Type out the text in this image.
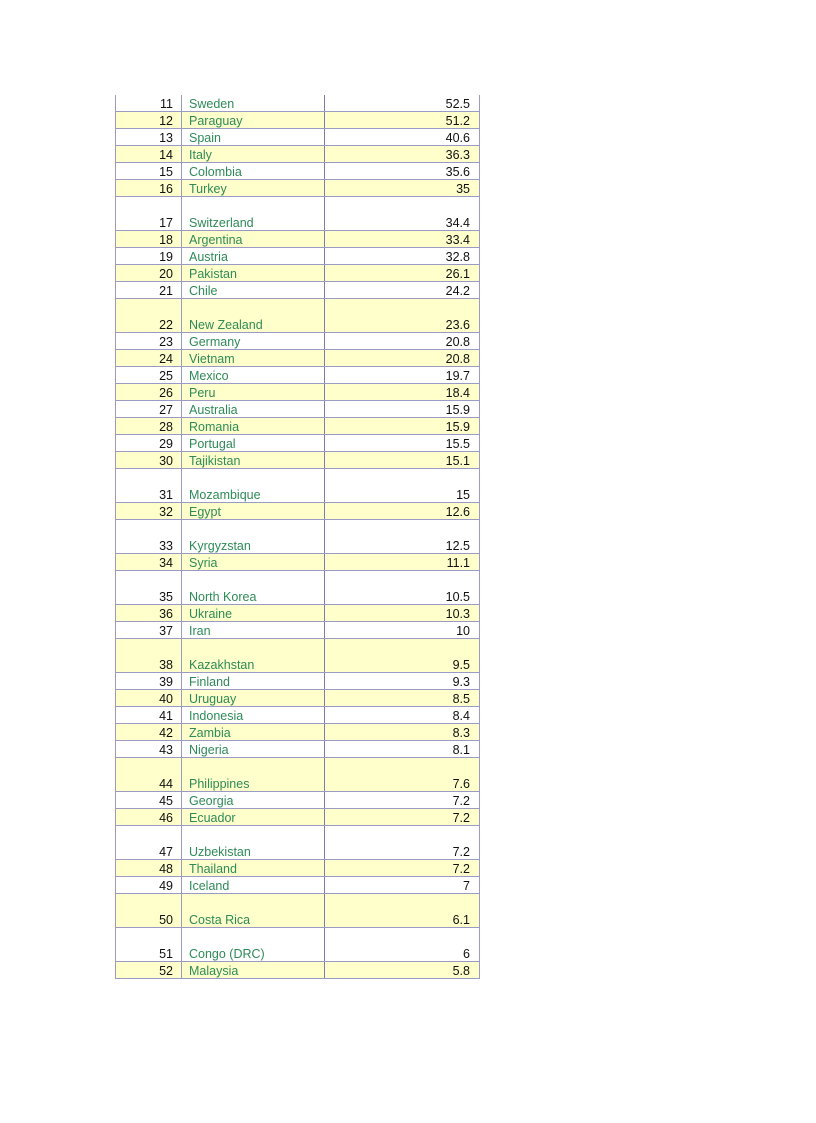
11	Sweden	52.5
12	Paraguay	51.2
13	Spain	40.6
14	Italy	36.3
15	Colombia	35.6
16	Turkey	35
17	Switzerland	34.4
18	Argentina	33.4
19	Austria	32.8
20	Pakistan	26.1
21	Chile	24.2
22	New Zealand	23.6
23	Germany	20.8
24	Vietnam	20.8
25	Mexico	19.7
26	Peru	18.4
27	Australia	15.9
28	Romania	15.9
29	Portugal	15.5
30	Tajikistan	15.1
31	Mozambique	15
32	Egypt	12.6
33	Kyrgyzstan	12.5
34	Syria	11.1
35	North Korea	10.5
36	Ukraine	10.3
37	Iran	10
38	Kazakhstan	9.5
39	Finland	9.3
40	Uruguay	8.5
41	Indonesia	8.4
42	Zambia	8.3
43	Nigeria	8.1
44	Philippines	7.6
45	Georgia	7.2
46	Ecuador	7.2
47	Uzbekistan	7.2
48	Thailand	7.2
49	Iceland	7
50	Costa Rica	6.1
51	Congo (DRC)	6
52	Malaysia	5.8
